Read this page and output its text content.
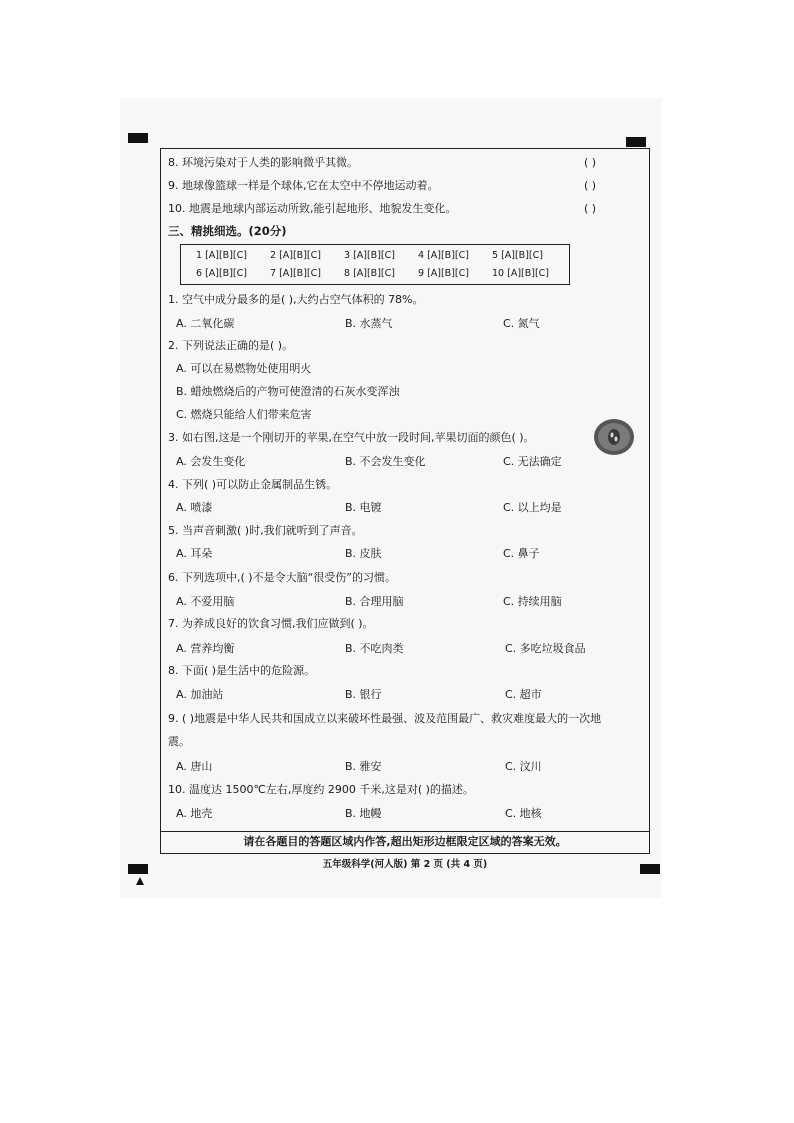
8. 环境污染对于人类的影响微乎其微。	( )
9. 地球像篮球一样是个球体,它在太空中不停地运动着。	( )
10. 地震是地球内部运动所致,能引起地形、地貌发生变化。	( )
三、精挑细选。(20分)
1 [A][B][C] 2 [A][B][C] 3 [A][B][C] 4 [A][B][C] 5 [A][B][C]
6 [A][B][C] 7 [A][B][C] 8 [A][B][C] 9 [A][B][C] 10 [A][B][C]
1. 空气中成分最多的是( ),大约占空气体积的 78%。
A. 二氧化碳	B. 水蒸气	C. 氮气
2. 下列说法正确的是( )。
A. 可以在易燃物处使用明火
B. 蜡烛燃烧后的产物可使澄清的石灰水变浑浊
C. 燃烧只能给人们带来危害
3. 如右图,这是一个刚切开的苹果,在空气中放一段时间,苹果切面的颜色( )。
A. 会发生变化	B. 不会发生变化	C. 无法确定
4. 下列( )可以防止金属制品生锈。
A. 喷漆	B. 电镀	C. 以上均是
5. 当声音刺激( )时,我们就听到了声音。
A. 耳朵	B. 皮肤	C. 鼻子
6. 下列选项中,( )不是令大脑“很受伤”的习惯。
A. 不爱用脑	B. 合理用脑	C. 持续用脑
7. 为养成良好的饮食习惯,我们应做到( )。
A. 营养均衡	B. 不吃肉类	C. 多吃垃圾食品
8. 下面( )是生活中的危险源。
A. 加油站	B. 银行	C. 超市
9. ( )地震是中华人民共和国成立以来破坏性最强、波及范围最广、救灾难度最大的一次地
震。
A. 唐山	B. 雅安	C. 汶川
10. 温度达 1500℃左右,厚度约 2900 千米,这是对( )的描述。
A. 地壳	B. 地幔	C. 地核
请在各题目的答题区域内作答,超出矩形边框限定区域的答案无效。
五年级科学(河人版) 第 2 页 (共 4 页)
